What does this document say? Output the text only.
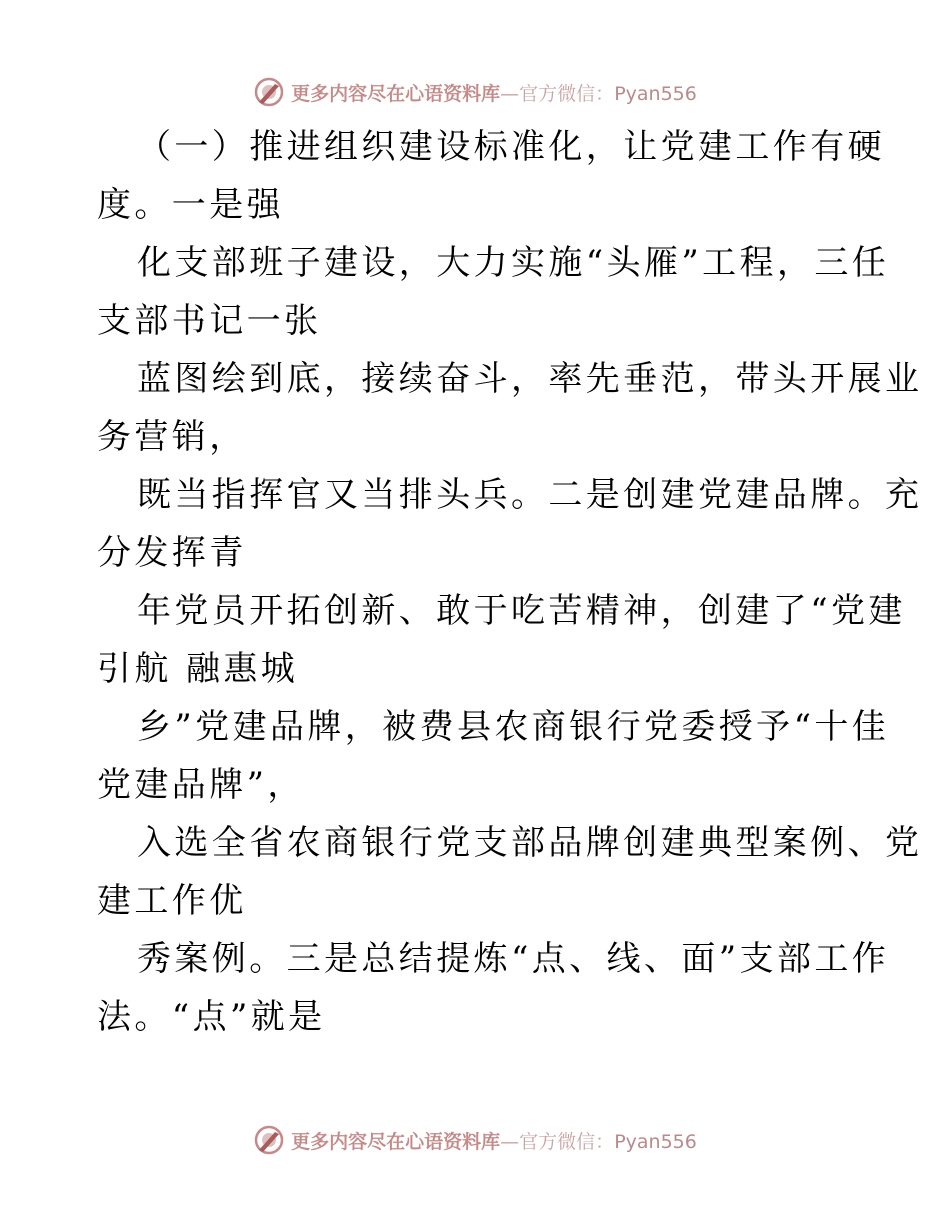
更多内容尽在心语资料库—官方微信：Pyan556

（一）推进组织建设标准化，让党建工作有硬

度。一是强

化支部班子建设，大力实施“头雁”工程，三任

支部书记一张

蓝图绘到底，接续奋斗，率先垂范，带头开展业

务营销，

既当指挥官又当排头兵。二是创建党建品牌。充

分发挥青

年党员开拓创新、敢于吃苦精神，创建了“党建

引航 融惠城

乡”党建品牌，被费县农商银行党委授予“十佳

党建品牌”，

入选全省农商银行党支部品牌创建典型案例、党

建工作优

秀案例。三是总结提炼“点、线、面”支部工作

法。“点”就是

更多内容尽在心语资料库—官方微信：Pyan556
